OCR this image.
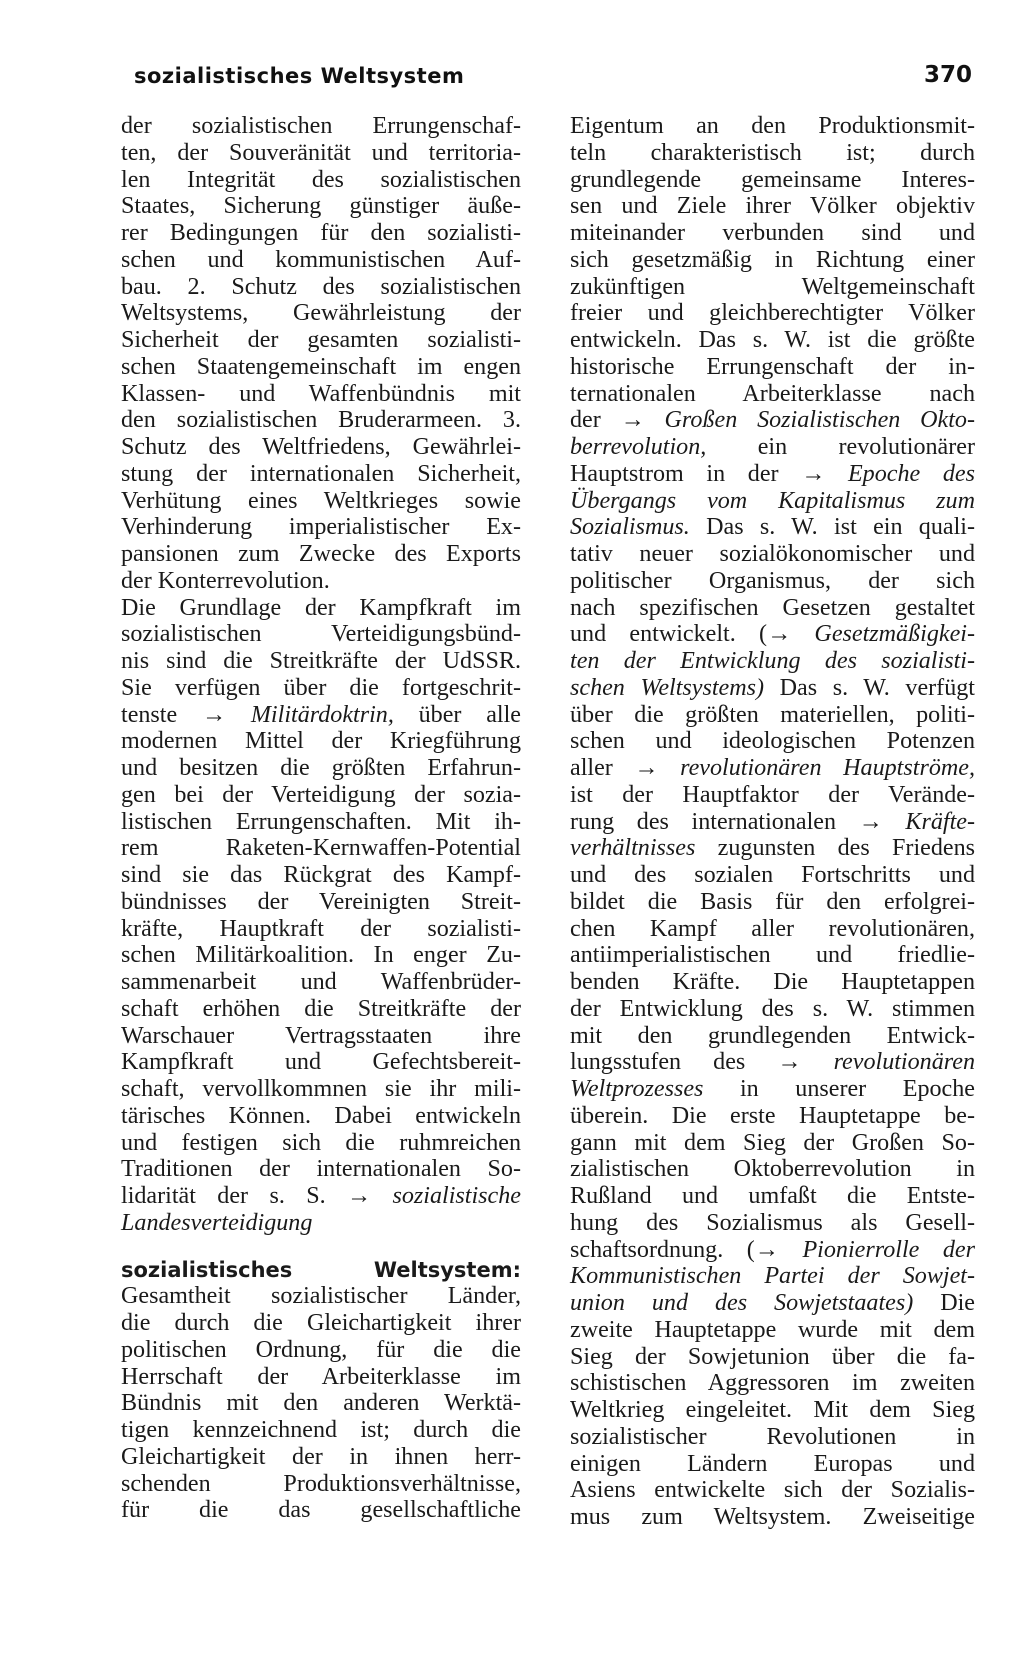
sozialistisches Weltsystem	370
der sozialistischen Errungenschaf-
ten, der Souveränität und territoria-
len Integrität des sozialistischen
Staates, Sicherung günstiger äuße-
rer Bedingungen für den sozialisti-
schen und kommunistischen Auf-
bau. 2. Schutz des sozialistischen
Weltsystems, Gewährleistung der
Sicherheit der gesamten sozialisti-
schen Staatengemeinschaft im engen
Klassen- und Waffenbündnis mit
den sozialistischen Bruderarmeen. 3.
Schutz des Weltfriedens, Gewährlei-
stung der internationalen Sicherheit,
Verhütung eines Weltkrieges sowie
Verhinderung imperialistischer Ex-
pansionen zum Zwecke des Exports
der Konterrevolution.
Die Grundlage der Kampfkraft im
sozialistischen Verteidigungsbünd-
nis sind die Streitkräfte der UdSSR.
Sie verfügen über die fortgeschrit-
tenste → Militärdoktrin, über alle
modernen Mittel der Kriegführung
und besitzen die größten Erfahrun-
gen bei der Verteidigung der sozia-
listischen Errungenschaften. Mit ih-
rem Raketen-Kernwaffen-Potential
sind sie das Rückgrat des Kampf-
bündnisses der Vereinigten Streit-
kräfte, Hauptkraft der sozialisti-
schen Militärkoalition. In enger Zu-
sammenarbeit und Waffenbrüder-
schaft erhöhen die Streitkräfte der
Warschauer Vertragsstaaten ihre
Kampfkraft und Gefechtsbereit-
schaft, vervollkommnen sie ihr mili-
tärisches Können. Dabei entwickeln
und festigen sich die ruhmreichen
Traditionen der internationalen So-
lidarität der s. S. → sozialistische
Landesverteidigung
sozialistisches Weltsystem:
Gesamtheit sozialistischer Länder,
die durch die Gleichartigkeit ihrer
politischen Ordnung, für die die
Herrschaft der Arbeiterklasse im
Bündnis mit den anderen Werktä-
tigen kennzeichnend ist; durch die
Gleichartigkeit der in ihnen herr-
schenden Produktionsverhältnisse,
für die das gesellschaftliche
Eigentum an den Produktionsmit-
teln charakteristisch ist; durch
grundlegende gemeinsame Interes-
sen und Ziele ihrer Völker objektiv
miteinander verbunden sind und
sich gesetzmäßig in Richtung einer
zukünftigen Weltgemeinschaft
freier und gleichberechtigter Völker
entwickeln. Das s. W. ist die größte
historische Errungenschaft der in-
ternationalen Arbeiterklasse nach
der → Großen Sozialistischen Okto-
berrevolution, ein revolutionärer
Hauptstrom in der → Epoche des
Übergangs vom Kapitalismus zum
Sozialismus. Das s. W. ist ein quali-
tativ neuer sozialökonomischer und
politischer Organismus, der sich
nach spezifischen Gesetzen gestaltet
und entwickelt. (→ Gesetzmäßigkei-
ten der Entwicklung des sozialisti-
schen Weltsystems) Das s. W. verfügt
über die größten materiellen, politi-
schen und ideologischen Potenzen
aller → revolutionären Hauptströme,
ist der Hauptfaktor der Verände-
rung des internationalen → Kräfte-
verhältnisses zugunsten des Friedens
und des sozialen Fortschritts und
bildet die Basis für den erfolgrei-
chen Kampf aller revolutionären,
antiimperialistischen und friedlie-
benden Kräfte. Die Hauptetappen
der Entwicklung des s. W. stimmen
mit den grundlegenden Entwick-
lungsstufen des → revolutionären
Weltprozesses in unserer Epoche
überein. Die erste Hauptetappe be-
gann mit dem Sieg der Großen So-
zialistischen Oktoberrevolution in
Rußland und umfaßt die Entste-
hung des Sozialismus als Gesell-
schaftsordnung. (→ Pionierrolle der
Kommunistischen Partei der Sowjet-
union und des Sowjetstaates) Die
zweite Hauptetappe wurde mit dem
Sieg der Sowjetunion über die fa-
schistischen Aggressoren im zweiten
Weltkrieg eingeleitet. Mit dem Sieg
sozialistischer Revolutionen in
einigen Ländern Europas und
Asiens entwickelte sich der Sozialis-
mus zum Weltsystem. Zweiseitige
